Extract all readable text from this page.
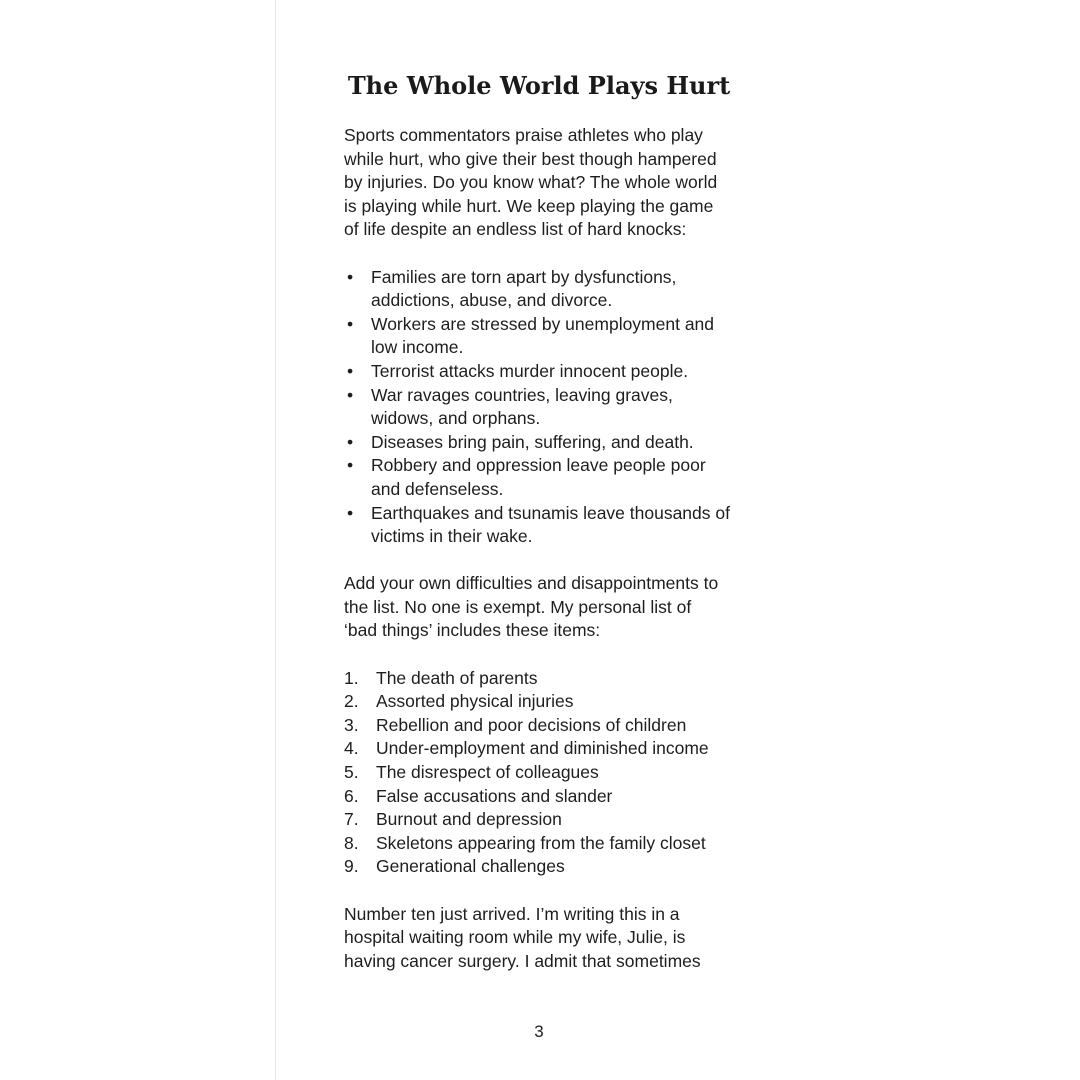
The Whole World Plays Hurt

Sports commentators praise athletes who play while hurt, who give their best though hampered by injuries. Do you know what? The whole world is playing while hurt. We keep playing the game of life despite an endless list of hard knocks:

• Families are torn apart by dysfunctions, addictions, abuse, and divorce.
• Workers are stressed by unemployment and low income.
• Terrorist attacks murder innocent people.
• War ravages countries, leaving graves, widows, and orphans.
• Diseases bring pain, suffering, and death.
• Robbery and oppression leave people poor and defenseless.
• Earthquakes and tsunamis leave thousands of victims in their wake.

Add your own difficulties and disappointments to the list. No one is exempt. My personal list of ‘bad things’ includes these items:

1. The death of parents
2. Assorted physical injuries
3. Rebellion and poor decisions of children
4. Under-employment and diminished income
5. The disrespect of colleagues
6. False accusations and slander
7. Burnout and depression
8. Skeletons appearing from the family closet
9. Generational challenges

Number ten just arrived. I’m writing this in a hospital waiting room while my wife, Julie, is having cancer surgery. I admit that sometimes

3
